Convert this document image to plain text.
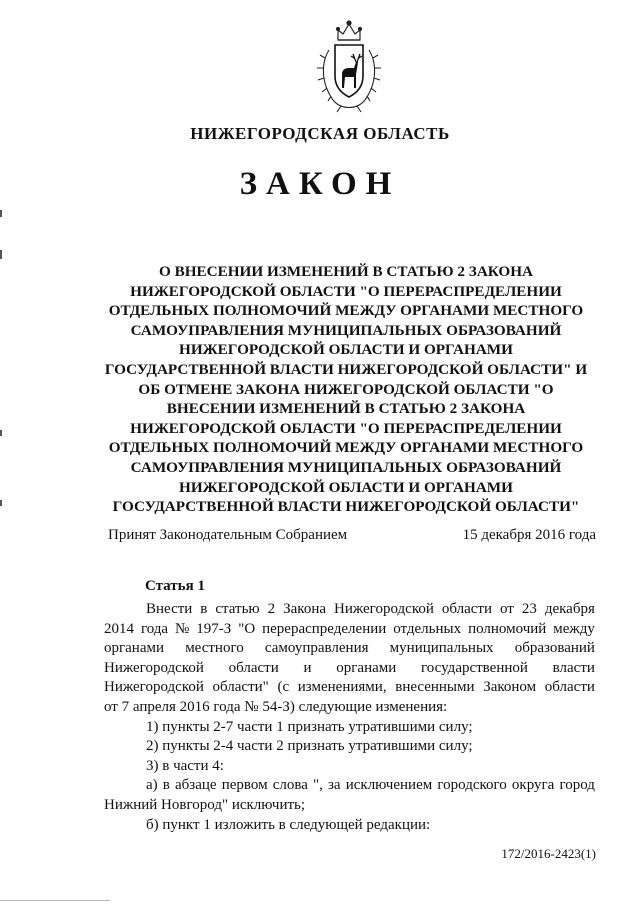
НИЖЕГОРОДСКАЯ ОБЛАСТЬ
ЗАКОН
О ВНЕСЕНИИ ИЗМЕНЕНИЙ В СТАТЬЮ 2 ЗАКОНА
НИЖЕГОРОДСКОЙ ОБЛАСТИ "О ПЕРЕРАСПРЕДЕЛЕНИИ
ОТДЕЛЬНЫХ ПОЛНОМОЧИЙ МЕЖДУ ОРГАНАМИ МЕСТНОГО
САМОУПРАВЛЕНИЯ МУНИЦИПАЛЬНЫХ ОБРАЗОВАНИЙ
НИЖЕГОРОДСКОЙ ОБЛАСТИ И ОРГАНАМИ
ГОСУДАРСТВЕННОЙ ВЛАСТИ НИЖЕГОРОДСКОЙ ОБЛАСТИ" И
ОБ ОТМЕНЕ ЗАКОНА НИЖЕГОРОДСКОЙ ОБЛАСТИ "О
ВНЕСЕНИИ ИЗМЕНЕНИЙ В СТАТЬЮ 2 ЗАКОНА
НИЖЕГОРОДСКОЙ ОБЛАСТИ "О ПЕРЕРАСПРЕДЕЛЕНИИ
ОТДЕЛЬНЫХ ПОЛНОМОЧИЙ МЕЖДУ ОРГАНАМИ МЕСТНОГО
САМОУПРАВЛЕНИЯ МУНИЦИПАЛЬНЫХ ОБРАЗОВАНИЙ
НИЖЕГОРОДСКОЙ ОБЛАСТИ И ОРГАНАМИ
ГОСУДАРСТВЕННОЙ ВЛАСТИ НИЖЕГОРОДСКОЙ ОБЛАСТИ"
Принят Законодательным Собранием	15 декабря 2016 года
Статья 1
Внести в статью 2 Закона Нижегородской области от 23 декабря
2014 года № 197-З "О перераспределении отдельных полномочий между
органами местного самоуправления муниципальных образований
Нижегородской области и органами государственной власти
Нижегородской области" (с изменениями, внесенными Законом области
от 7 апреля 2016 года № 54-З) следующие изменения:
1) пункты 2-7 части 1 признать утратившими силу;
2) пункты 2-4 части 2 признать утратившими силу;
3) в части 4:
а) в абзаце первом слова ", за исключением городского округа город
Нижний Новгород" исключить;
б) пункт 1 изложить в следующей редакции:
172/2016-2423(1)
